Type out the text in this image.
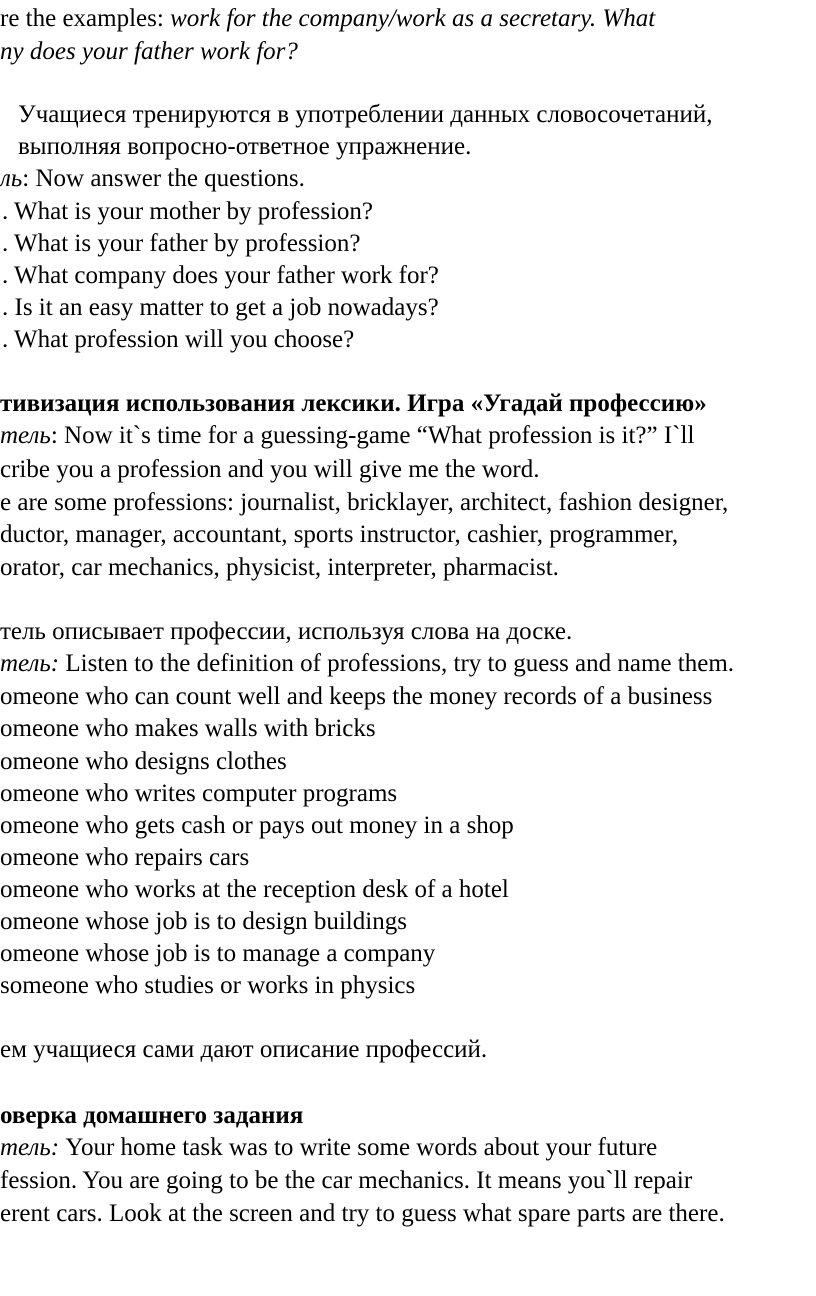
re the examples: work for the company/work as a secretary. What

ny does your father work for?

Учащиеся тренируются в употреблении данных словосочетаний,

выполняя вопросно-ответное упражнение.

ль: Now answer the questions.

. What is your mother by profession?

. What is your father by profession?

. What company does your father work for?

. Is it an easy matter to get a job nowadays?

. What profession will you choose?

тивизация использования лексики. Игра «Угадай профессию»

тель: Now it`s time for a guessing-game “What profession is it?” I`ll

cribe you a profession and you will give me the word.

e are some professions: journalist, bricklayer, architect, fashion designer,

ductor, manager, accountant, sports instructor, cashier, programmer,

orator, car mechanics, physicist, interpreter, pharmacist.

тель описывает профессии, используя слова на доске.

тель: Listen to the definition of professions, try to guess and name them.

omeone who can count well and keeps the money records of a business

omeone who makes walls with bricks

omeone who designs clothes

omeone who writes computer programs

omeone who gets cash or pays out money in a shop

omeone who repairs cars

omeone who works at the reception desk of a hotel

omeone whose job is to design buildings

omeone whose job is to manage a company

someone who studies or works in physics

ем учащиеся сами дают описание профессий.

оверка домашнего задания

тель: Your home task was to write some words about your future

fession. You are going to be the car mechanics. It means you`ll repair

erent cars. Look at the screen and try to guess what spare parts are there.
